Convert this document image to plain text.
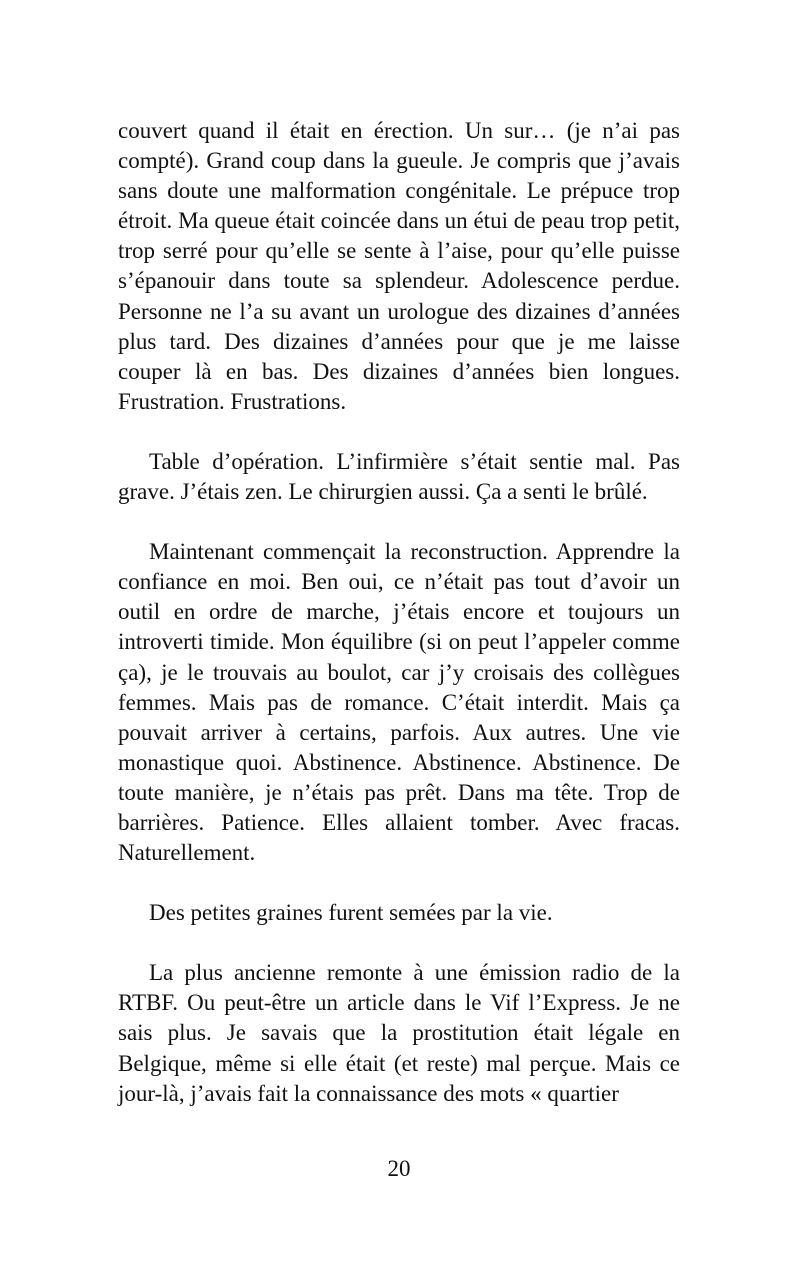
couvert quand il était en érection. Un sur… (je n’ai pas compté). Grand coup dans la gueule. Je compris que j’avais sans doute une malformation congénitale. Le prépuce trop étroit. Ma queue était coincée dans un étui de peau trop petit, trop serré pour qu’elle se sente à l’aise, pour qu’elle puisse s’épanouir dans toute sa splendeur. Adolescence perdue. Personne ne l’a su avant un urologue des dizaines d’années plus tard. Des dizaines d’années pour que je me laisse couper là en bas. Des dizaines d’années bien longues. Frustration. Frustrations.

Table d’opération. L’infirmière s’était sentie mal. Pas grave. J’étais zen. Le chirurgien aussi. Ça a senti le brûlé.

Maintenant commençait la reconstruction. Apprendre la confiance en moi. Ben oui, ce n’était pas tout d’avoir un outil en ordre de marche, j’étais encore et toujours un introverti timide. Mon équilibre (si on peut l’appeler comme ça), je le trouvais au boulot, car j’y croisais des collègues femmes. Mais pas de romance. C’était interdit. Mais ça pouvait arriver à certains, parfois. Aux autres. Une vie monastique quoi. Abstinence. Abstinence. Abstinence. De toute manière, je n’étais pas prêt. Dans ma tête. Trop de barrières. Patience. Elles allaient tomber. Avec fracas. Naturellement.

Des petites graines furent semées par la vie.

La plus ancienne remonte à une émission radio de la RTBF. Ou peut-être un article dans le Vif l’Express. Je ne sais plus. Je savais que la prostitution était légale en Belgique, même si elle était (et reste) mal perçue. Mais ce jour-là, j’avais fait la connaissance des mots « quartier

20
